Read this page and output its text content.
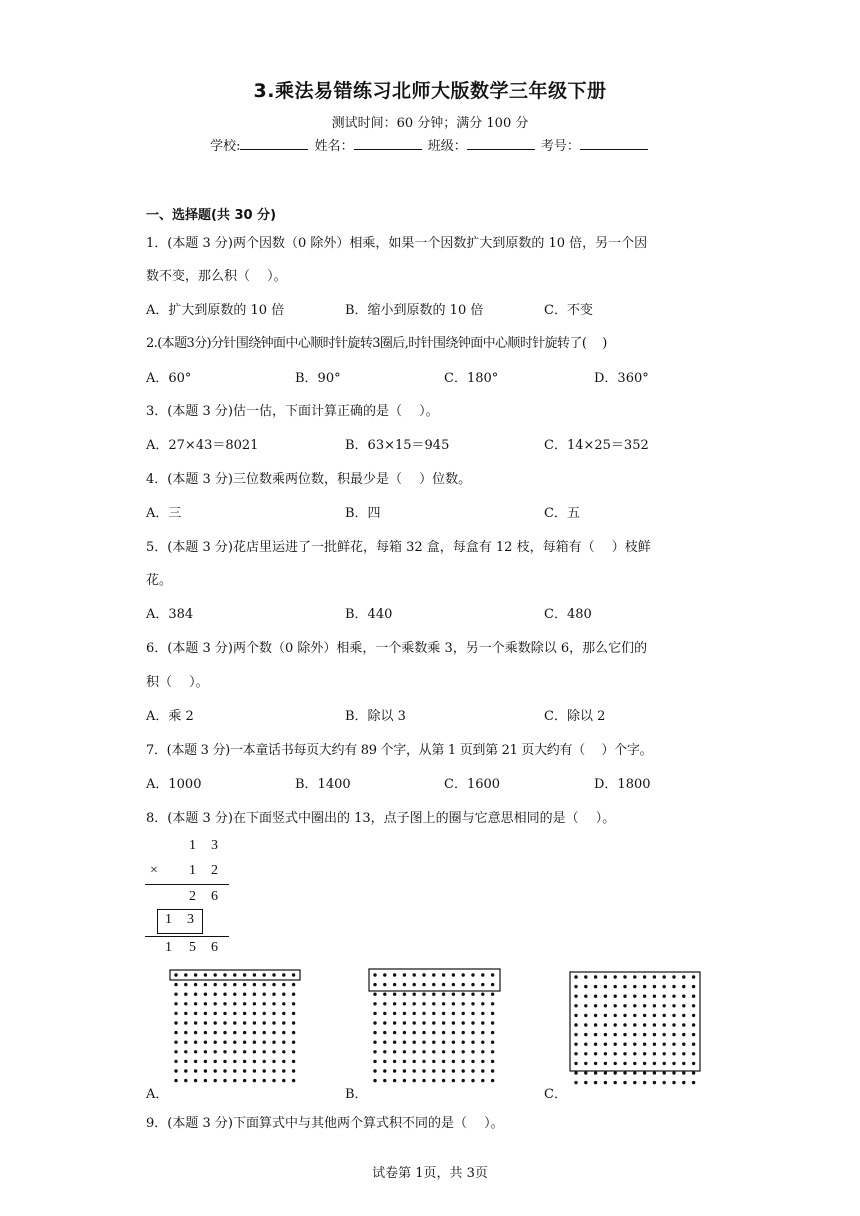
3.乘法易错练习北师大版数学三年级下册
测试时间：60 分钟；满分 100 分
学校:	姓名：	班级：	考号：
一、选择题(共 30 分)
1．(本题 3 分)两个因数（0 除外）相乘，如果一个因数扩大到原数的 10 倍，另一个因
数不变，那么积（　 ）。
A．扩大到原数的 10 倍	B．缩小到原数的 10 倍	C．不变
2.(本题3分)分针围绕钟面中心顺时针旋转3圈后,时针围绕钟面中心顺时针旋转了(　 )
A．60°	B．90°	C．180°	D．360°
3．(本题 3 分)估一估，下面计算正确的是（　 ）。
A．27×43＝8021	B．63×15＝945	C．14×25＝352
4．(本题 3 分)三位数乘两位数，积最少是（　 ）位数。
A．三	B．四	C．五
5．(本题 3 分)花店里运进了一批鲜花，每箱 32 盒，每盒有 12 枝，每箱有（　 ）枝鲜
花。
A．384	B．440	C．480
6．(本题 3 分)两个数（0 除外）相乘，一个乘数乘 3，另一个乘数除以 6，那么它们的
积（　 ）。
A．乘 2	B．除以 3	C．除以 2
7．(本题 3 分)一本童话书每页大约有 89 个字，从第 1 页到第 21 页大约有（　 ）个字。
A．1000	B．1400	C．1600	D．1800
8．(本题 3 分)在下面竖式中圈出的 13，点子图上的圈与它意思相同的是（　 ）。
1 3
× 1 2
2 6
1 3
1 5 6
A．	B．	C．
9．(本题 3 分)下面算式中与其他两个算式积不同的是（　 ）。
试卷第 1页，共 3页
